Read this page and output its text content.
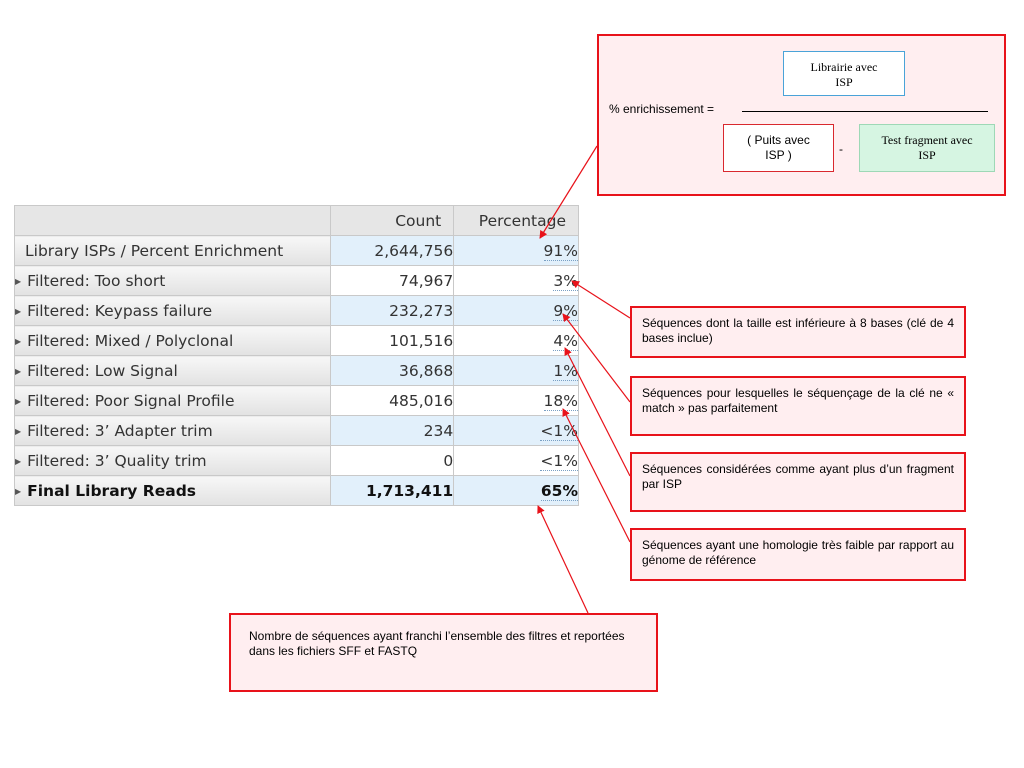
Librairie avec
ISP
% enrichissement =
( Puits avec
ISP )	-
Test fragment avec
ISP
	Count	Percentage
Library ISPs / Percent Enrichment	2,644,756	91%
▶ Filtered: Too short	74,967	3%
▶ Filtered: Keypass failure	232,273	9%
▶ Filtered: Mixed / Polyclonal	101,516	4%
▶ Filtered: Low Signal	36,868	1%
▶ Filtered: Poor Signal Profile	485,016	18%
▶ Filtered: 3’ Adapter trim	234	<1%
▶ Filtered: 3’ Quality trim	0	<1%
▶ Final Library Reads	1,713,411	65%
Séquences dont la taille est inférieure à 8 bases (clé de 4 bases inclue)
Séquences pour lesquelles le séquençage de la clé ne « match » pas parfaitement
Séquences considérées comme ayant plus d’un fragment par ISP
Séquences ayant une homologie très faible par rapport au génome de référence
Nombre de séquences ayant franchi l’ensemble des filtres et reportées dans les fichiers SFF et FASTQ
